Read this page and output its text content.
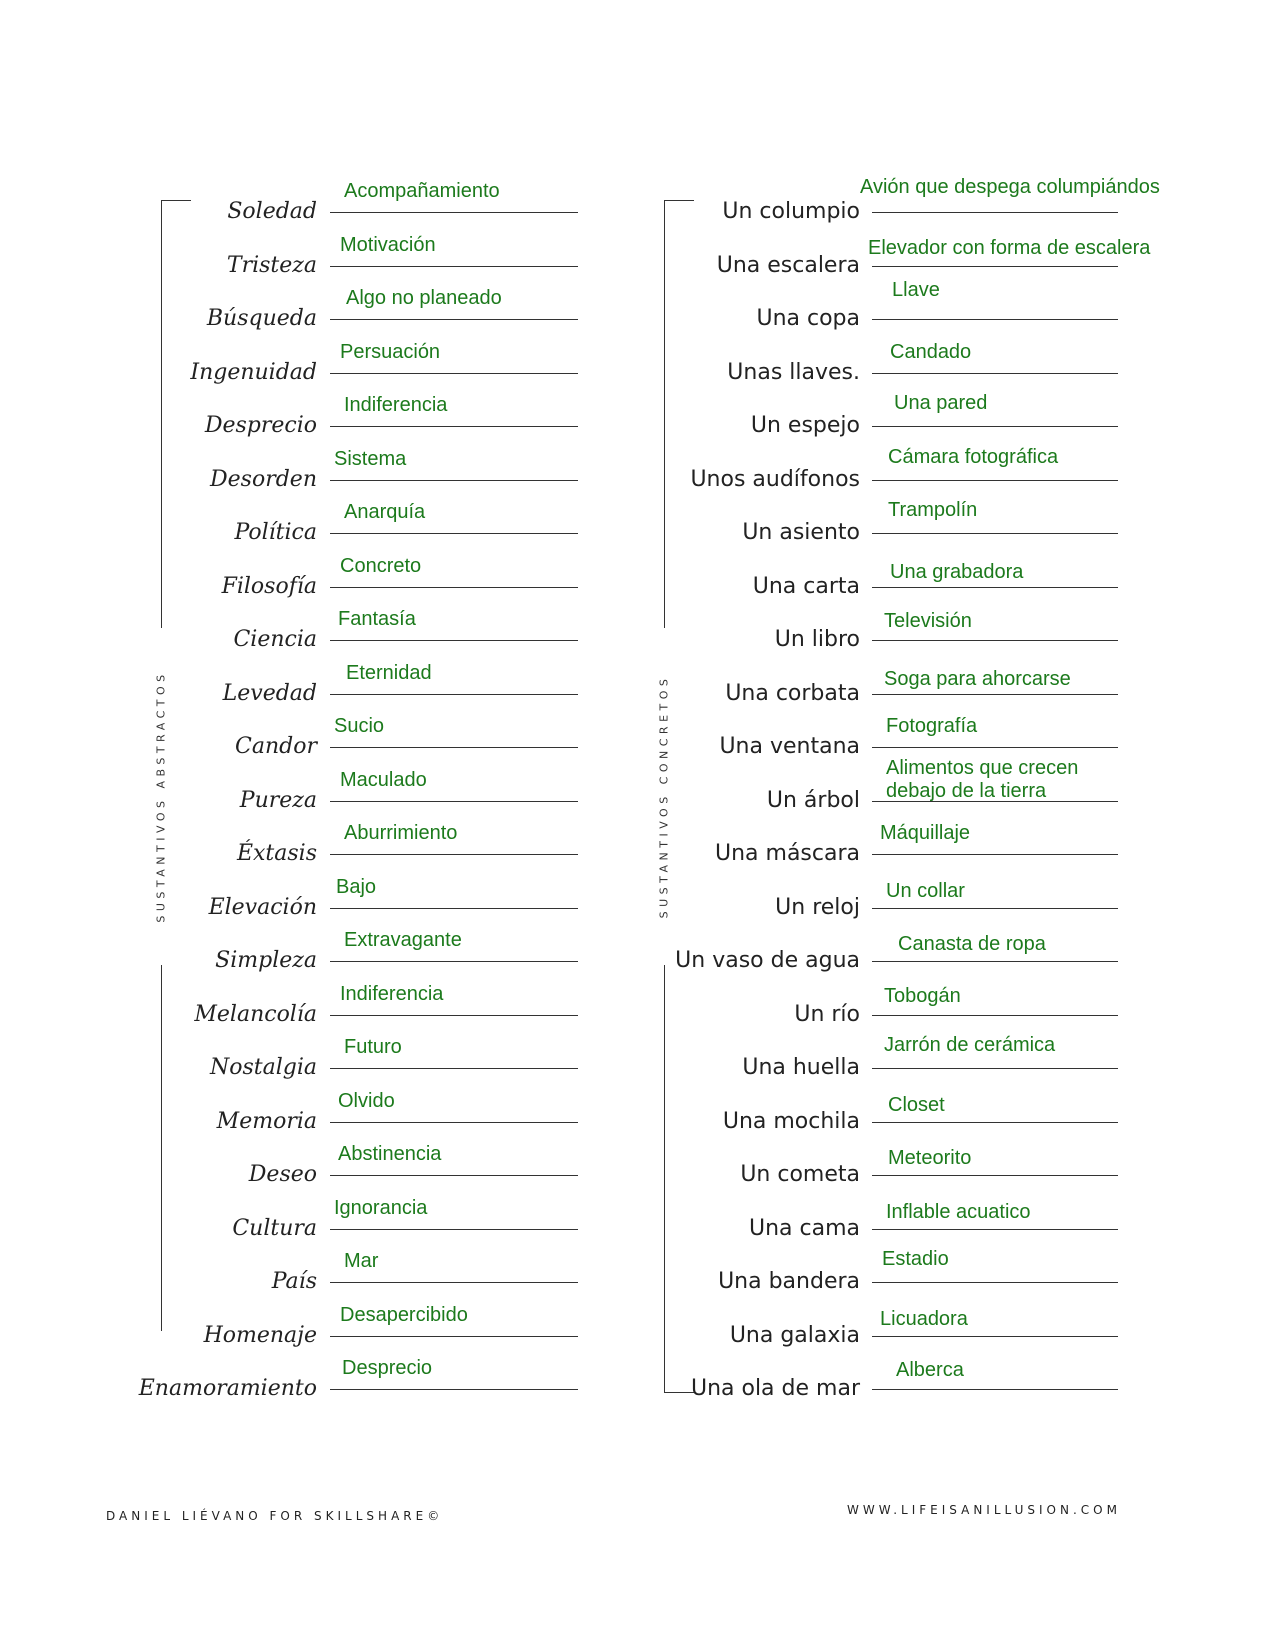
SUSTANTIVOS ABSTRACTOS	SUSTANTIVOS CONCRETOS
Soledad
Acompañamiento
Tristeza
Motivación
Búsqueda
Algo no planeado
Ingenuidad
Persuación
Desprecio
Indiferencia
Desorden
Sistema
Política
Anarquía
Filosofía
Concreto
Ciencia
Fantasía
Levedad
Eternidad
Candor
Sucio
Pureza
Maculado
Éxtasis
Aburrimiento
Elevación
Bajo
Simpleza
Extravagante
Melancolía
Indiferencia
Nostalgia
Futuro
Memoria
Olvido
Deseo
Abstinencia
Cultura
Ignorancia
País
Mar
Homenaje
Desapercibido
Enamoramiento
Desprecio
Un columpio
Avión que despega columpiándos
Una escalera
Elevador con forma de escalera
Una copa
Llave
Unas llaves.
Candado
Un espejo
Una pared
Unos audífonos
Cámara fotográfica
Un asiento
Trampolín
Una carta
Una grabadora
Un libro
Televisión
Una corbata
Soga para ahorcarse
Una ventana
Fotografía
Un árbol
Alimentos que crecen
debajo de la tierra
Una máscara
Máquillaje
Un reloj
Un collar
Un vaso de agua
Canasta de ropa
Un río
Tobogán
Una huella
Jarrón de cerámica
Una mochila
Closet
Un cometa
Meteorito
Una cama
Inflable acuatico
Una bandera
Estadio
Una galaxia
Licuadora
Una ola de mar
Alberca
DANIEL LIÉVANO FOR SKILLSHARE©	WWW.LIFEISANILLUSION.COM
